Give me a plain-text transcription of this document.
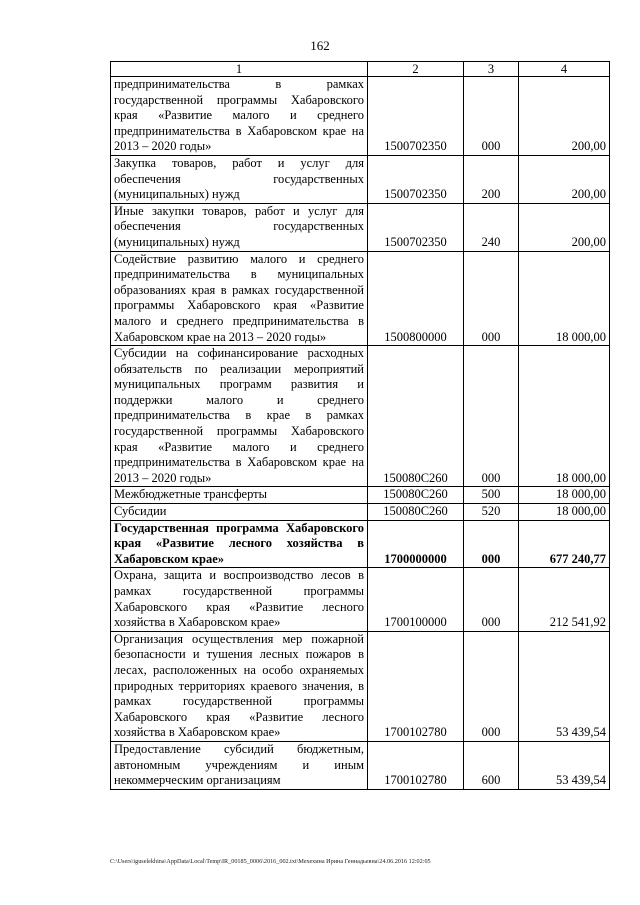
162
1	2	3	4
предпринимательства в рамках государственной программы Хабаровского края «Развитие малого и среднего предпринимательства в Хабаровском крае на 2013 – 2020 годы»	1500702350	000	200,00
Закупка товаров, работ и услуг для обеспечения государственных (муниципальных) нужд	1500702350	200	200,00
Иные закупки товаров, работ и услуг для обеспечения государственных (муниципальных) нужд	1500702350	240	200,00
Содействие развитию малого и среднего предпринимательства в муниципальных образованиях края в рамках государственной программы Хабаровского края «Развитие малого и среднего предпринимательства в Хабаровском крае на 2013 – 2020 годы»	1500800000	000	18 000,00
Субсидии на софинансирование расходных обязательств по реализации мероприятий муниципальных программ развития и поддержки малого и среднего предпринимательства в крае в рамках государственной программы Хабаровского края «Развитие малого и среднего предпринимательства в Хабаровском крае на 2013 – 2020 годы»	150080C260	000	18 000,00
Межбюджетные трансферты	150080C260	500	18 000,00
Субсидии	150080C260	520	18 000,00
Государственная программа Хабаровского края «Развитие лесного хозяйства в Хабаровском крае»	1700000000	000	677 240,77
Охрана, защита и воспроизводство лесов в рамках государственной программы Хабаровского края «Развитие лесного хозяйства в Хабаровском крае»	1700100000	000	212 541,92
Организация осуществления мер пожарной безопасности и тушения лесных пожаров в лесах, расположенных на особо охраняемых природных территориях краевого значения, в рамках государственной программы Хабаровского края «Развитие лесного хозяйства в Хабаровском крае»	1700102780	000	53 439,54
Предоставление субсидий бюджетным, автономным учреждениям и иным некоммерческим организациям	1700102780	600	53 439,54
C:\Users\iguselekhina\AppData\Local\Temp\IR_00185_0006\2016_002.txt\Мехехина Ирина Геннадьевна\24.06.2016 12:02:05
